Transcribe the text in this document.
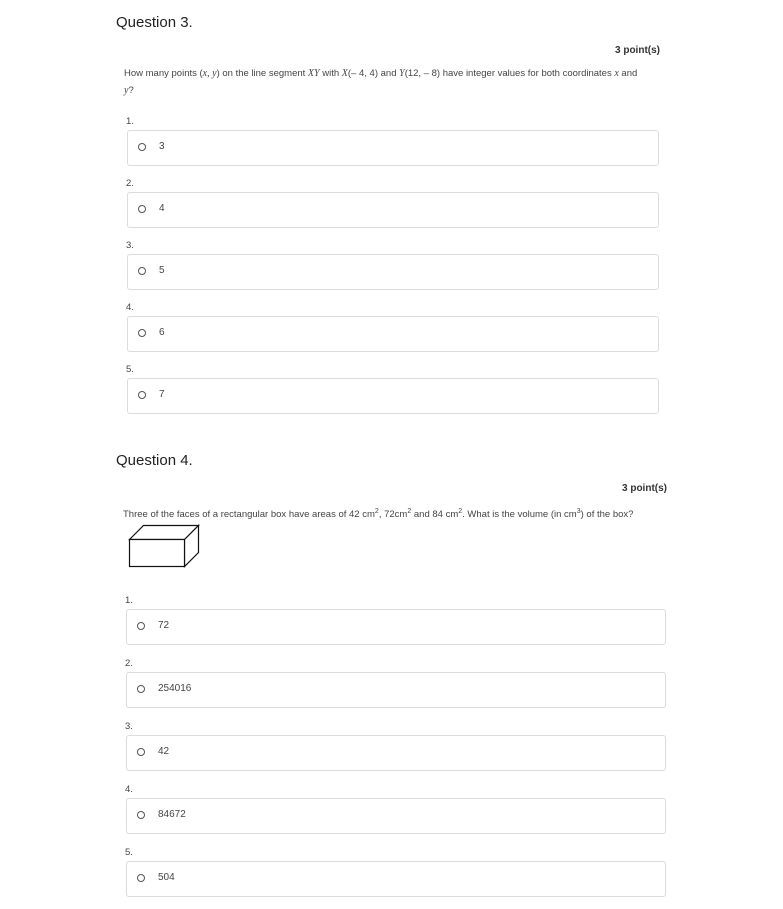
Question 3.
3 point(s)
How many points (x, y) on the line segment XY with X(– 4, 4) and Y(12, – 8) have integer values for both coordinates x and
y?
1.
3
2.
4
3.
5
4.
6
5.
7
Question 4.
3 point(s)
Three of the faces of a rectangular box have areas of 42 $cm^2$, $72cm^2$ and 84 $cm^2$. What is the volume (in $cm^3$) of the box?
1.
72
2.
254016
3.
42
4.
84672
5.
504
